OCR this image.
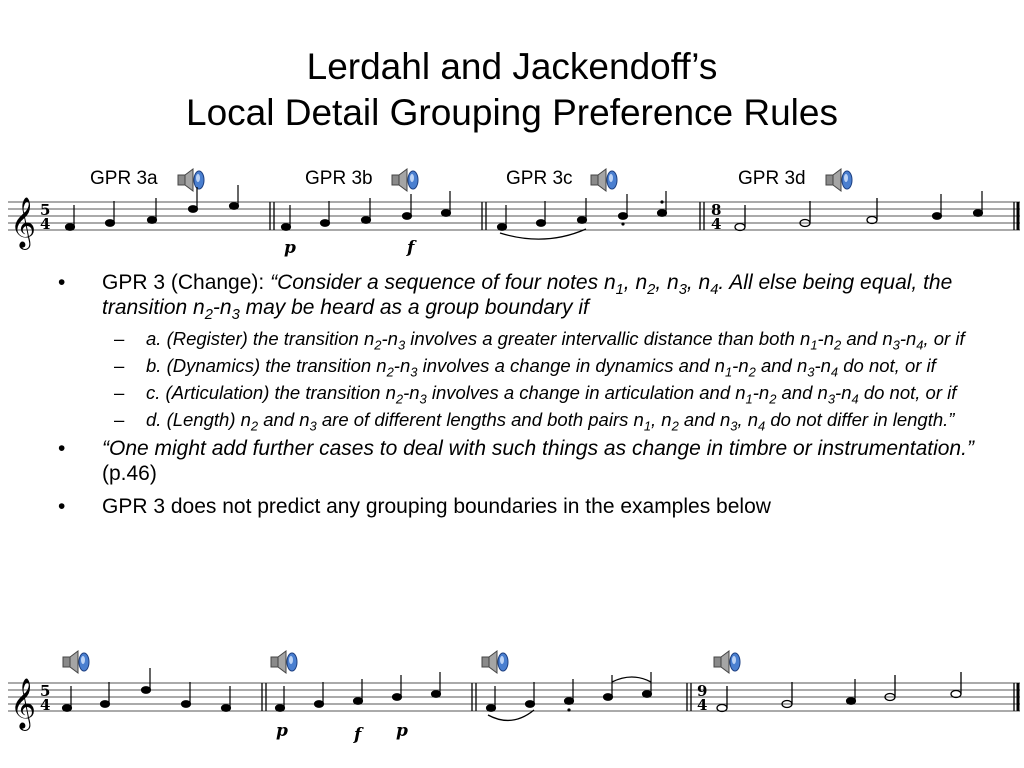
Lerdahl and Jackendoff’s
Local Detail Grouping Preference Rules
GPR 3a	GPR 3b	GPR 3c	GPR 3d
𝄞 5
4
8
4
p	f
• GPR 3 (Change): “Consider a sequence of four notes $n_1$, $n_2$, $n_3$, $n_4$. All else being equal, the transition $n_2-n_3$ may be heard as a group boundary if

– a. (Register) the transition $n_2-n_3$ involves a greater intervallic distance than both $n_1-n_2$ and $n_3-n_4$, or if

– b. (Dynamics) the transition $n_2-n_3$ involves a change in dynamics and $n_1-n_2$ and $n_3-n_4$ do not, or if

– c. (Articulation) the transition $n_2-n_3$ involves a change in articulation and $n_1-n_2$ and $n_3-n_4$ do not, or if

– d. (Length) $n_2$ and $n_3$ are of different lengths and both pairs $n_1$, $n_2$ and $n_3$, $n_4$ do not differ in length.”

• “One might add further cases to deal with such things as change in timbre or instrumentation.” (p.46)

• GPR 3 does not predict any grouping boundaries in the examples below

𝄞 5
4
9
4
p	f p
